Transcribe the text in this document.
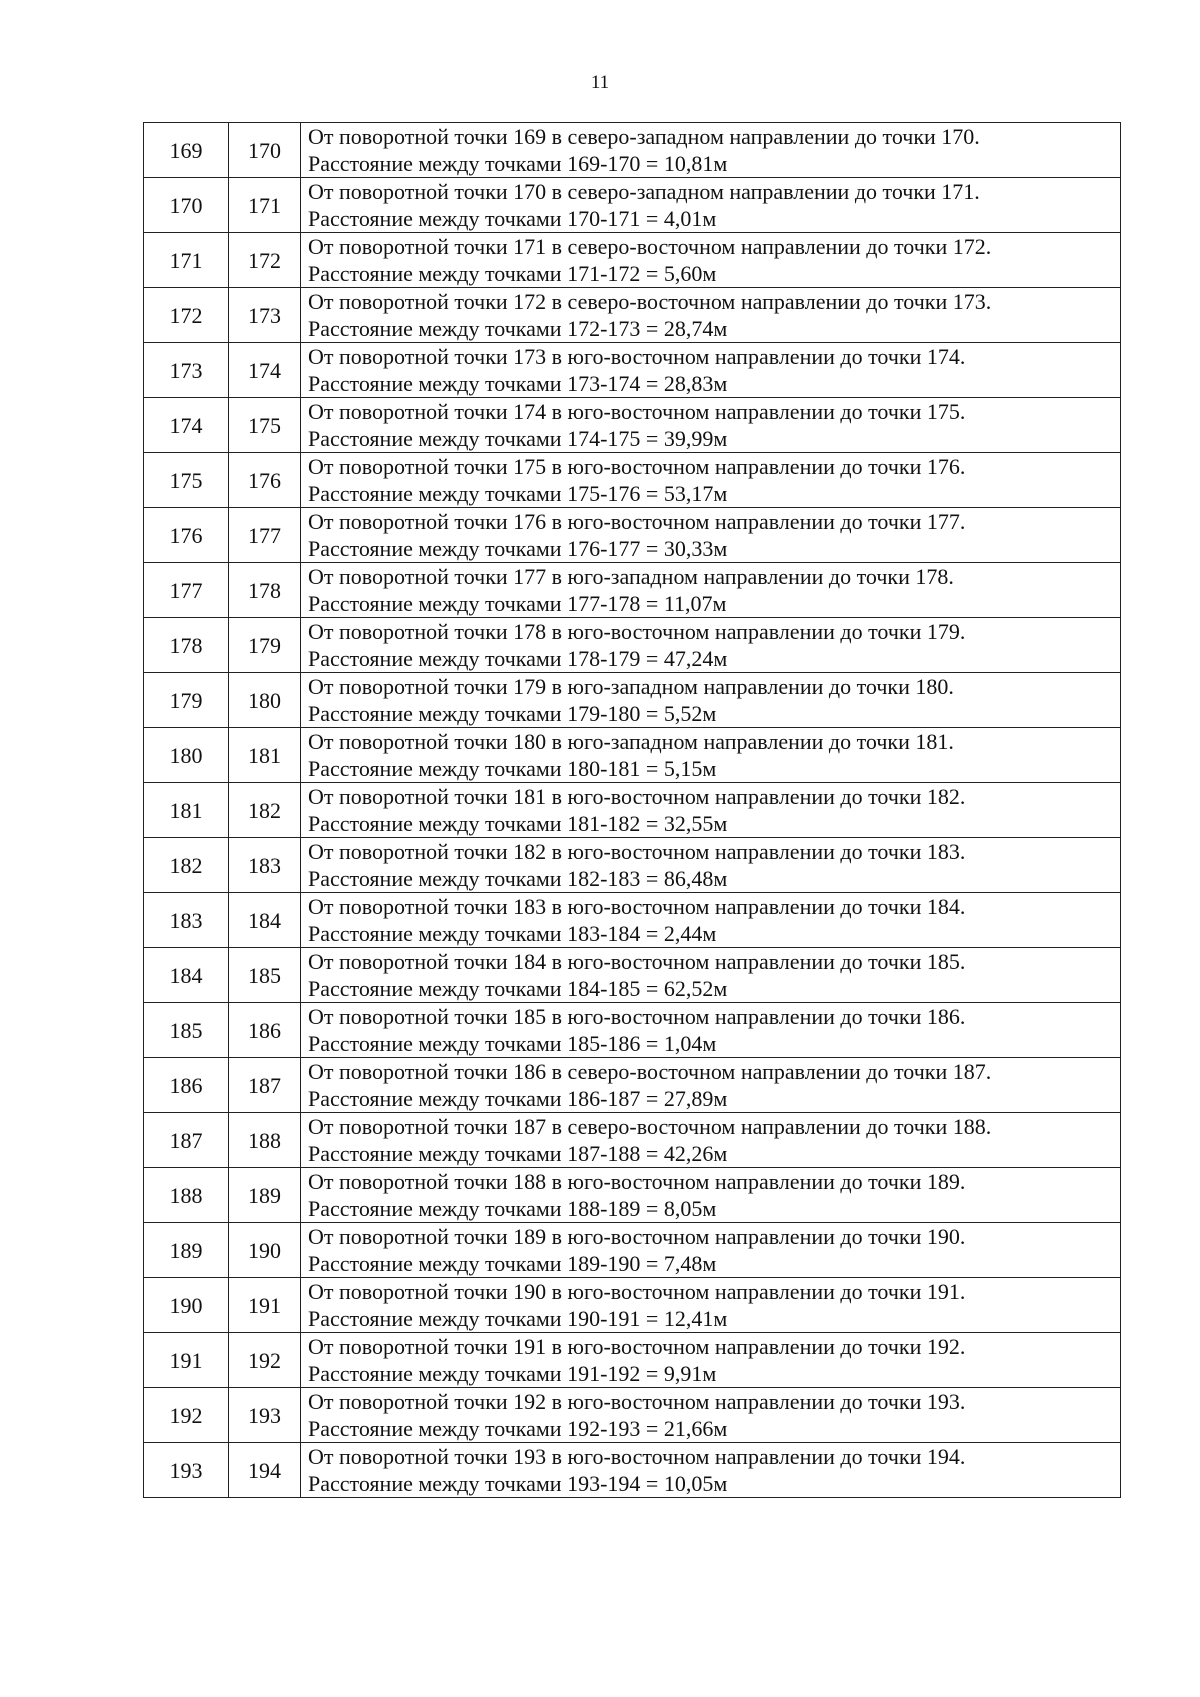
11
169	170	От поворотной точки 169 в северо-западном направлении до точки 170.
Расстояние между точками 169-170 = 10,81м

170	171	От поворотной точки 170 в северо-западном направлении до точки 171.
Расстояние между точками 170-171 = 4,01м

171	172	От поворотной точки 171 в северо-восточном направлении до точки 172.
Расстояние между точками 171-172 = 5,60м

172	173	От поворотной точки 172 в северо-восточном направлении до точки 173.
Расстояние между точками 172-173 = 28,74м

173	174	От поворотной точки 173 в юго-восточном направлении до точки 174.
Расстояние между точками 173-174 = 28,83м

174	175	От поворотной точки 174 в юго-восточном направлении до точки 175.
Расстояние между точками 174-175 = 39,99м

175	176	От поворотной точки 175 в юго-восточном направлении до точки 176.
Расстояние между точками 175-176 = 53,17м

176	177	От поворотной точки 176 в юго-восточном направлении до точки 177.
Расстояние между точками 176-177 = 30,33м

177	178	От поворотной точки 177 в юго-западном направлении до точки 178.
Расстояние между точками 177-178 = 11,07м

178	179	От поворотной точки 178 в юго-восточном направлении до точки 179.
Расстояние между точками 178-179 = 47,24м

179	180	От поворотной точки 179 в юго-западном направлении до точки 180.
Расстояние между точками 179-180 = 5,52м

180	181	От поворотной точки 180 в юго-западном направлении до точки 181.
Расстояние между точками 180-181 = 5,15м

181	182	От поворотной точки 181 в юго-восточном направлении до точки 182.
Расстояние между точками 181-182 = 32,55м

182	183	От поворотной точки 182 в юго-восточном направлении до точки 183.
Расстояние между точками 182-183 = 86,48м

183	184	От поворотной точки 183 в юго-восточном направлении до точки 184.
Расстояние между точками 183-184 = 2,44м

184	185	От поворотной точки 184 в юго-восточном направлении до точки 185.
Расстояние между точками 184-185 = 62,52м

185	186	От поворотной точки 185 в юго-восточном направлении до точки 186.
Расстояние между точками 185-186 = 1,04м

186	187	От поворотной точки 186 в северо-восточном направлении до точки 187.
Расстояние между точками 186-187 = 27,89м

187	188	От поворотной точки 187 в северо-восточном направлении до точки 188.
Расстояние между точками 187-188 = 42,26м

188	189	От поворотной точки 188 в юго-восточном направлении до точки 189.
Расстояние между точками 188-189 = 8,05м

189	190	От поворотной точки 189 в юго-восточном направлении до точки 190.
Расстояние между точками 189-190 = 7,48м

190	191	От поворотной точки 190 в юго-восточном направлении до точки 191.
Расстояние между точками 190-191 = 12,41м

191	192	От поворотной точки 191 в юго-восточном направлении до точки 192.
Расстояние между точками 191-192 = 9,91м

192	193	От поворотной точки 192 в юго-восточном направлении до точки 193.
Расстояние между точками 192-193 = 21,66м

193	194	От поворотной точки 193 в юго-восточном направлении до точки 194.
Расстояние между точками 193-194 = 10,05м
